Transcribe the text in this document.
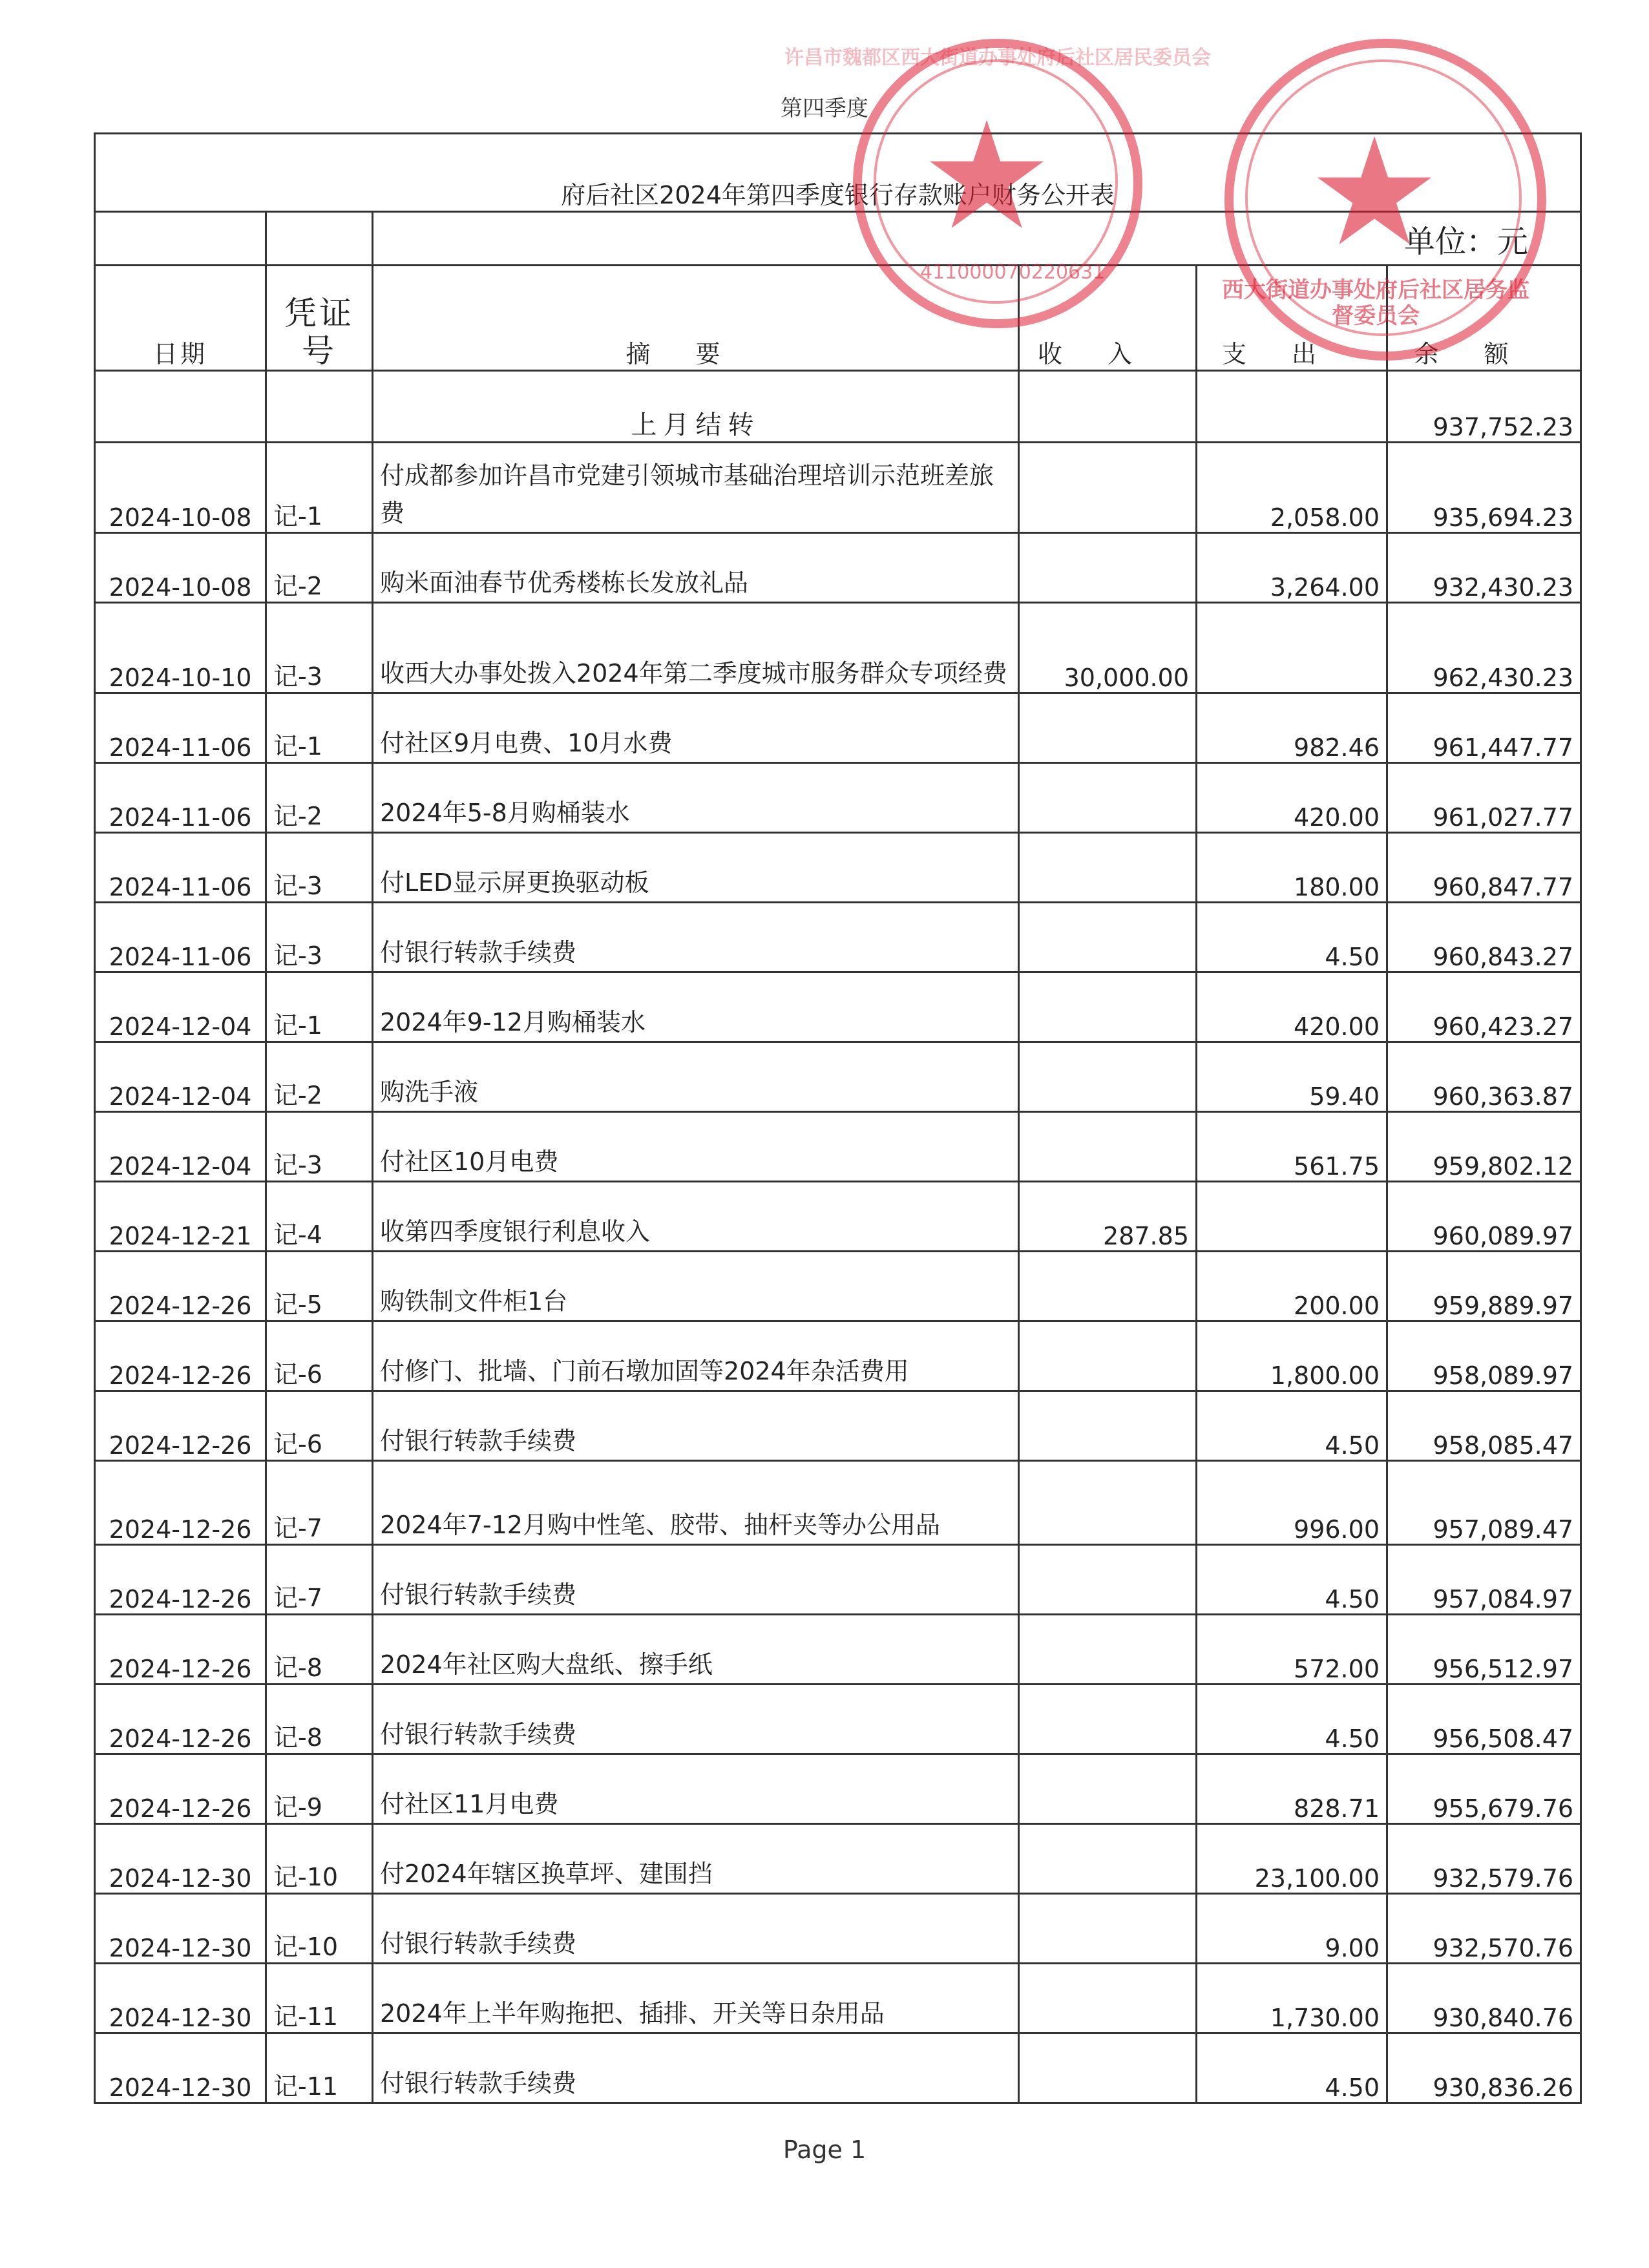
第四季度
府后社区2024年第四季度银行存款账户财务公开表					
		单位：元			
日期	凭证号	摘要	收入	支出	余额
		上月结转			937,752.23
2024-10-08	记-1	付成都参加许昌市党建引领城市基础治理培训示范班差旅费		2,058.00	935,694.23
2024-10-08	记-2	购米面油春节优秀楼栋长发放礼品		3,264.00	932,430.23
2024-10-10	记-3	收西大办事处拨入2024年第二季度城市服务群众专项经费	30,000.00		962,430.23
2024-11-06	记-1	付社区9月电费、10月水费		982.46	961,447.77
2024-11-06	记-2	2024年5-8月购桶装水		420.00	961,027.77
2024-11-06	记-3	付LED显示屏更换驱动板		180.00	960,847.77
2024-11-06	记-3	付银行转款手续费		4.50	960,843.27
2024-12-04	记-1	2024年9-12月购桶装水		420.00	960,423.27
2024-12-04	记-2	购洗手液		59.40	960,363.87
2024-12-04	记-3	付社区10月电费		561.75	959,802.12
2024-12-21	记-4	收第四季度银行利息收入	287.85		960,089.97
2024-12-26	记-5	购铁制文件柜1台		200.00	959,889.97
2024-12-26	记-6	付修门、批墙、门前石墩加固等2024年杂活费用		1,800.00	958,089.97
2024-12-26	记-6	付银行转款手续费		4.50	958,085.47
2024-12-26	记-7	2024年7-12月购中性笔、胶带、抽杆夹等办公用品		996.00	957,089.47
2024-12-26	记-7	付银行转款手续费		4.50	957,084.97
2024-12-26	记-8	2024年社区购大盘纸、擦手纸		572.00	956,512.97
2024-12-26	记-8	付银行转款手续费		4.50	956,508.47
2024-12-26	记-9	付社区11月电费		828.71	955,679.76
2024-12-30	记-10	付2024年辖区换草坪、建围挡		23,100.00	932,579.76
2024-12-30	记-10	付银行转款手续费		9.00	932,570.76
2024-12-30	记-11	2024年上半年购拖把、插排、开关等日杂用品		1,730.00	930,840.76
2024-12-30	记-11	付银行转款手续费		4.50	930,836.26
Page 1
★
许昌市魏都区西大街道办事处府后社区居民委员会
411000070220631 ★
西大街道办事处府后社区居务监督委员会
